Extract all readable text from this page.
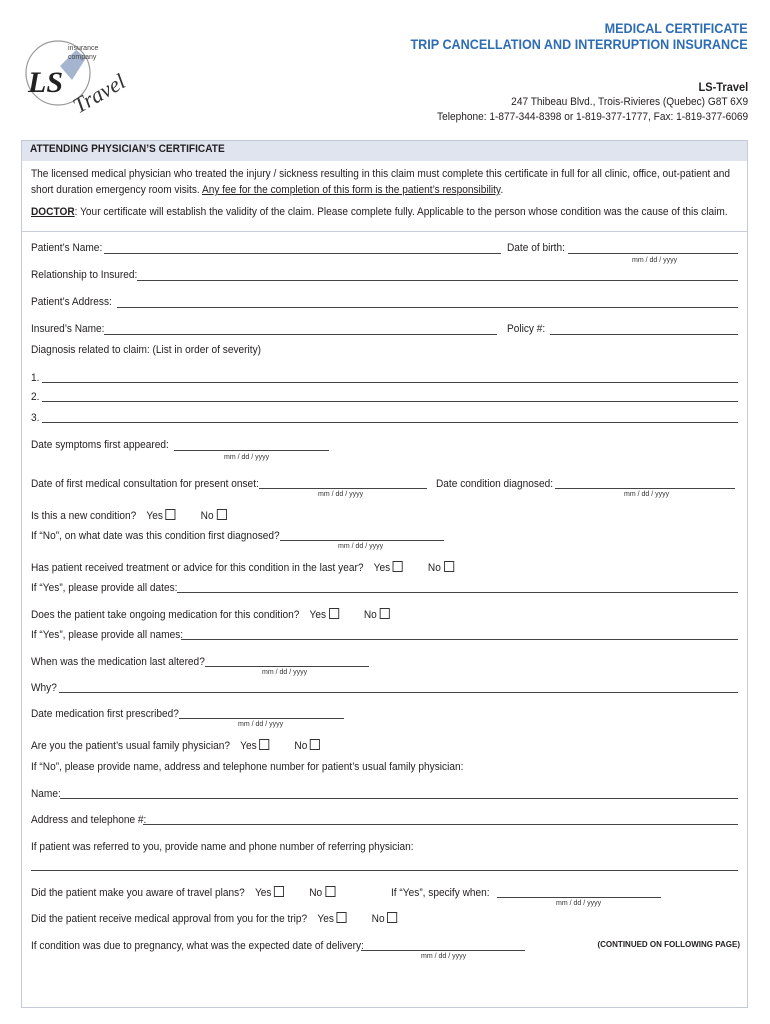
LS
insurance
company
Travel
MEDICAL CERTIFICATE
TRIP CANCELLATION AND INTERRUPTION INSURANCE
LS-Travel
247 Thibeau Blvd., Trois-Rivieres (Quebec) G8T 6X9
Telephone: 1-877-344-8398 or 1-819-377-1777, Fax: 1-819-377-6069
ATTENDING PHYSICIAN’S CERTIFICATE
The licensed medical physician who treated the injury / sickness resulting in this claim must complete this certificate in full for all clinic, office, out-patient and
short duration emergency room visits. Any fee for the completion of this form is the patient’s responsibility.
DOCTOR: Your certificate will establish the validity of the claim. Please complete fully. Applicable to the person whose condition was the cause of this claim.
Patient’s Name:	Date of birth:
mm / dd / yyyy
Relationship to Insured:
Patient’s Address:
Insured’s Name:	Policy #:
Diagnosis related to claim: (List in order of severity)
1.
2.
3.
Date symptoms first appeared:
mm / dd / yyyy
Date of first medical consultation for present onset:
mm / dd / yyyy
Date condition diagnosed:
mm / dd / yyyy
Is this a new condition? Yes	No
If “No”, on what date was this condition first diagnosed?
mm / dd / yyyy
Has patient received treatment or advice for this condition in the last year? Yes	No
If “Yes”, please provide all dates:
Does the patient take ongoing medication for this condition? Yes	No
If “Yes”, please provide all names:
When was the medication last altered?
mm / dd / yyyy
Why?
Date medication first prescribed?
mm / dd / yyyy
Are you the patient’s usual family physician? Yes	No
If “No”, please provide name, address and telephone number for patient’s usual family physician:
Name:
Address and telephone #:
If patient was referred to you, provide name and phone number of referring physician:
Did the patient make you aware of travel plans? Yes	No	If “Yes”, specify when:
mm / dd / yyyy
Did the patient receive medical approval from you for the trip? Yes	No
If condition was due to pregnancy, what was the expected date of delivery:
mm / dd / yyyy
(CONTINUED ON FOLLOWING PAGE)
